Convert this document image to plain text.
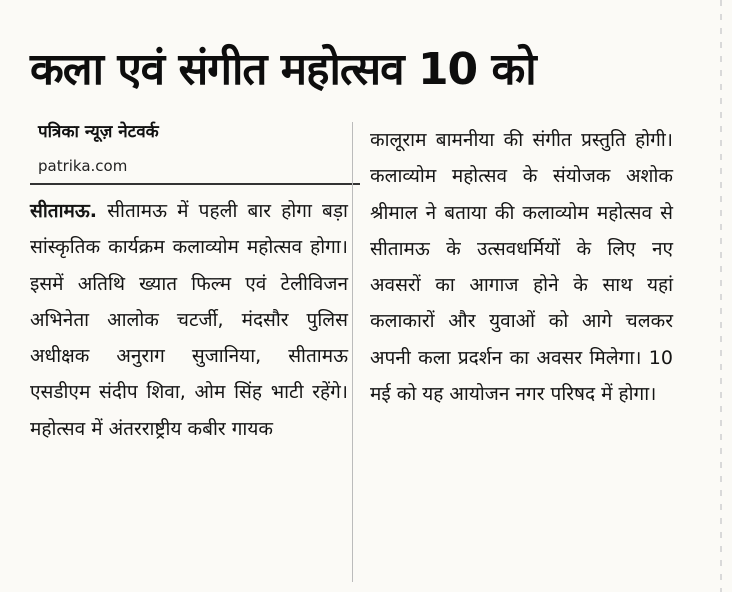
कला एवं संगीत महोत्सव 10 को
पत्रिका न्यूज़ नेटवर्क
patrika.com

सीतामऊ. सीतामऊ में पहली बार होगा बड़ा सांस्कृतिक कार्यक्रम कलाव्योम महोत्सव होगा। इसमें अतिथि ख्यात फिल्म एवं टेलीविजन अभिनेता आलोक चटर्जी, मंदसौर पुलिस अधीक्षक अनुराग सुजानिया, सीतामऊ एसडीएम संदीप शिवा, ओम सिंह भाटी रहेंगे। महोत्सव में अंतरराष्ट्रीय कबीर गायक

कालूराम बामनीया की संगीत प्रस्तुति होगी। कलाव्योम महोत्सव के संयोजक अशोक श्रीमाल ने बताया की कलाव्योम महोत्सव से सीतामऊ के उत्सवधर्मियों के लिए नए अवसरों का आगाज होने के साथ यहां कलाकारों और युवाओं को आगे चलकर अपनी कला प्रदर्शन का अवसर मिलेगा। 10 मई को यह आयोजन नगर परिषद में होगा।
